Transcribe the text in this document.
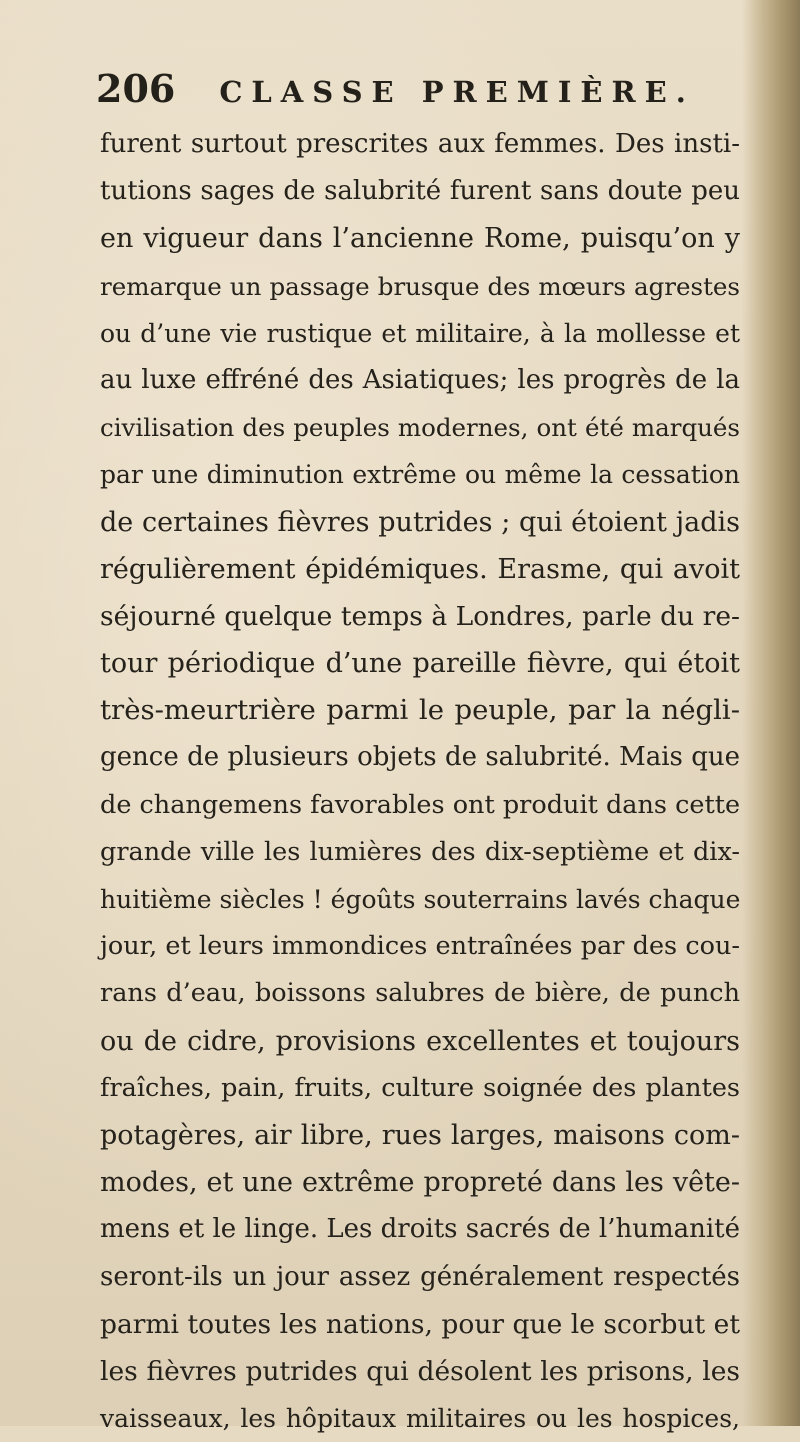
206 CLASSE PREMIÈRE.
furent surtout prescrites aux femmes. Des insti-
tutions sages de salubrité furent sans doute peu
en vigueur dans l’ancienne Rome, puisqu’on y
remarque un passage brusque des mœurs agrestes
ou d’une vie rustique et militaire, à la mollesse et
au luxe effréné des Asiatiques; les progrès de la
civilisation des peuples modernes, ont été marqués
par une diminution extrême ou même la cessation
de certaines fièvres putrides ; qui étoient jadis
régulièrement épidémiques. Erasme, qui avoit
séjourné quelque temps à Londres, parle du re-
tour périodique d’une pareille fièvre, qui étoit
très-meurtrière parmi le peuple, par la négli-
gence de plusieurs objets de salubrité. Mais que
de changemens favorables ont produit dans cette
grande ville les lumières des dix-septième et dix-
huitième siècles ! égoûts souterrains lavés chaque
jour, et leurs immondices entraînées par des cou-
rans d’eau, boissons salubres de bière, de punch
ou de cidre, provisions excellentes et toujours
fraîches, pain, fruits, culture soignée des plantes
potagères, air libre, rues larges, maisons com-
modes, et une extrême propreté dans les vête-
mens et le linge. Les droits sacrés de l’humanité
seront-ils un jour assez généralement respectés
parmi toutes les nations, pour que le scorbut et
les fièvres putrides qui désolent les prisons, les
vaisseaux, les hôpitaux militaires ou les hospices,
